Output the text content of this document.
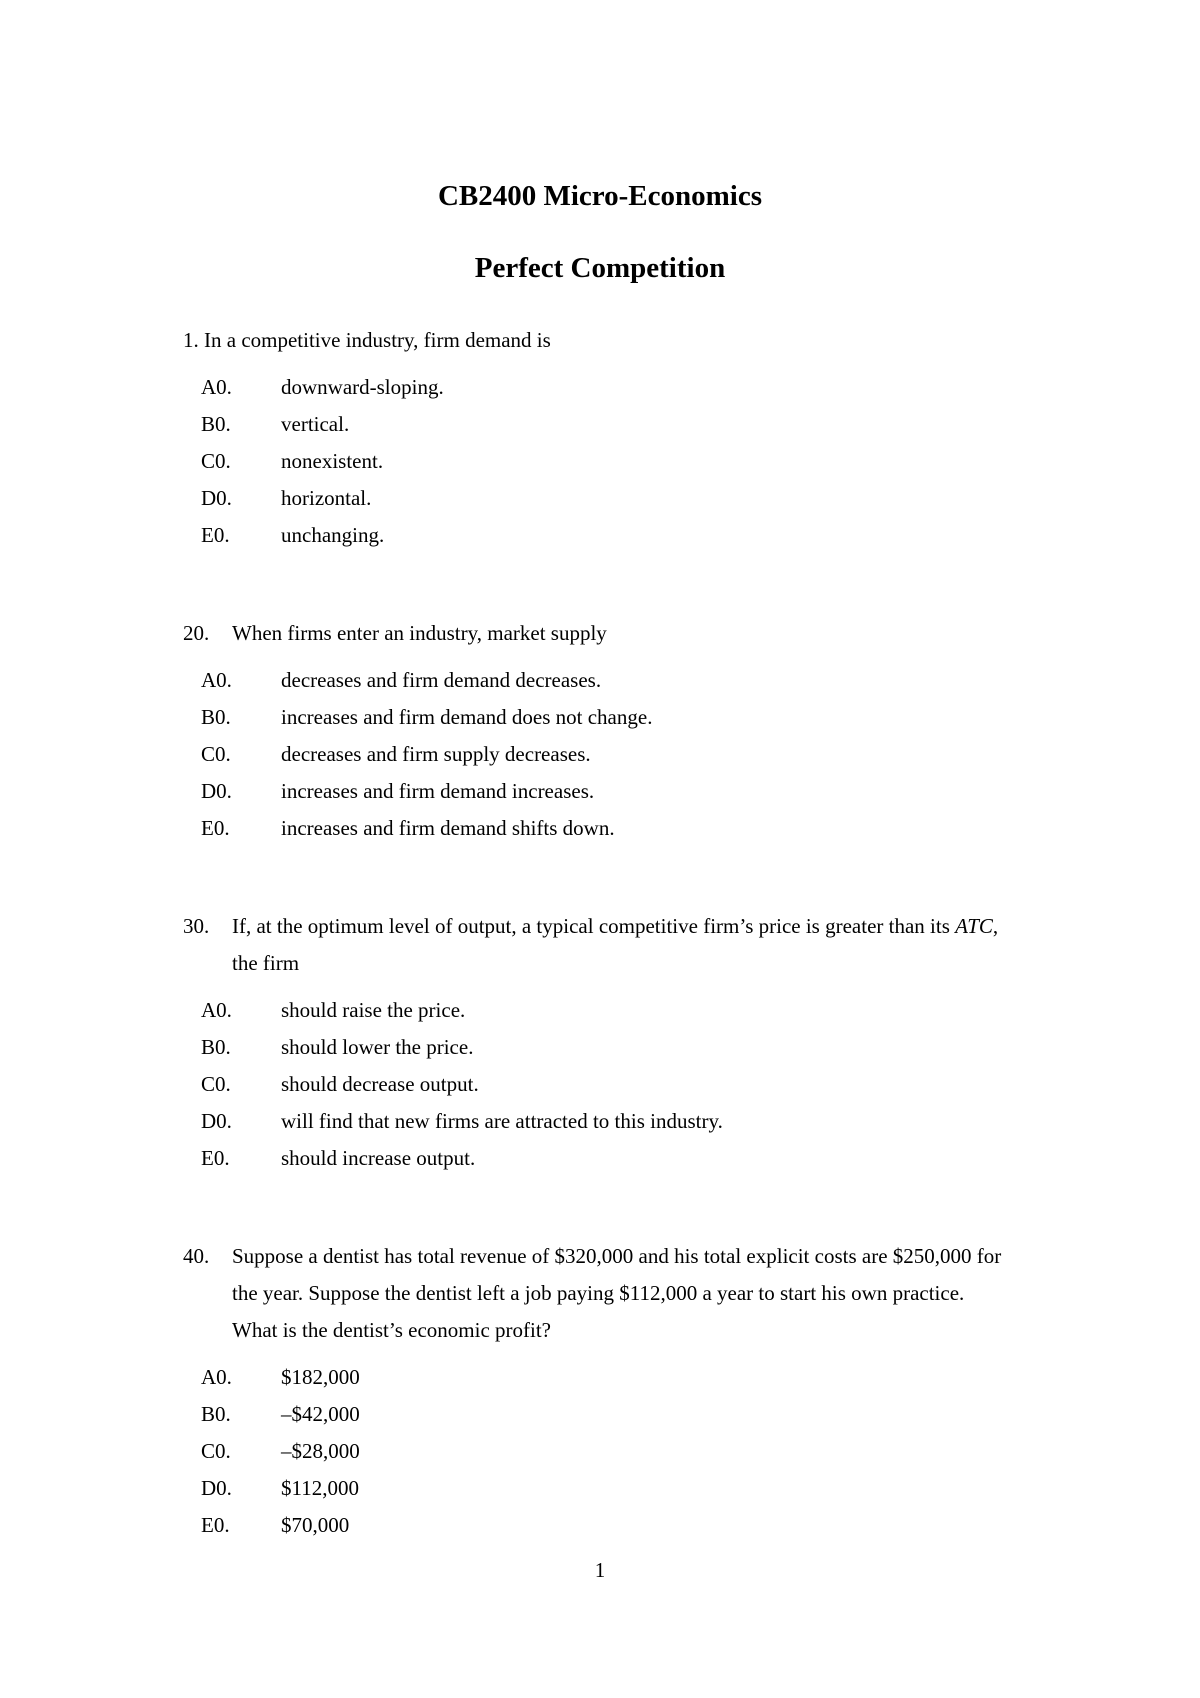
CB2400 Micro-Economics
Perfect Competition
1. In a competitive industry, firm demand is
A0. downward-sloping.
B0. vertical.
C0. nonexistent.
D0. horizontal.
E0. unchanging.
20. When firms enter an industry, market supply
A0. decreases and firm demand decreases.
B0. increases and firm demand does not change.
C0. decreases and firm supply decreases.
D0. increases and firm demand increases.
E0. increases and firm demand shifts down.
30. If, at the optimum level of output, a typical competitive firm’s price is greater than its ATC, the firm
A0. should raise the price.
B0. should lower the price.
C0. should decrease output.
D0. will find that new firms are attracted to this industry.
E0. should increase output.
40. Suppose a dentist has total revenue of $320,000 and his total explicit costs are $250,000 for the year. Suppose the dentist left a job paying $112,000 a year to start his own practice. What is the dentist’s economic profit?
A0. $182,000
B0. –$42,000
C0. –$28,000
D0. $112,000
E0. $70,000
1
